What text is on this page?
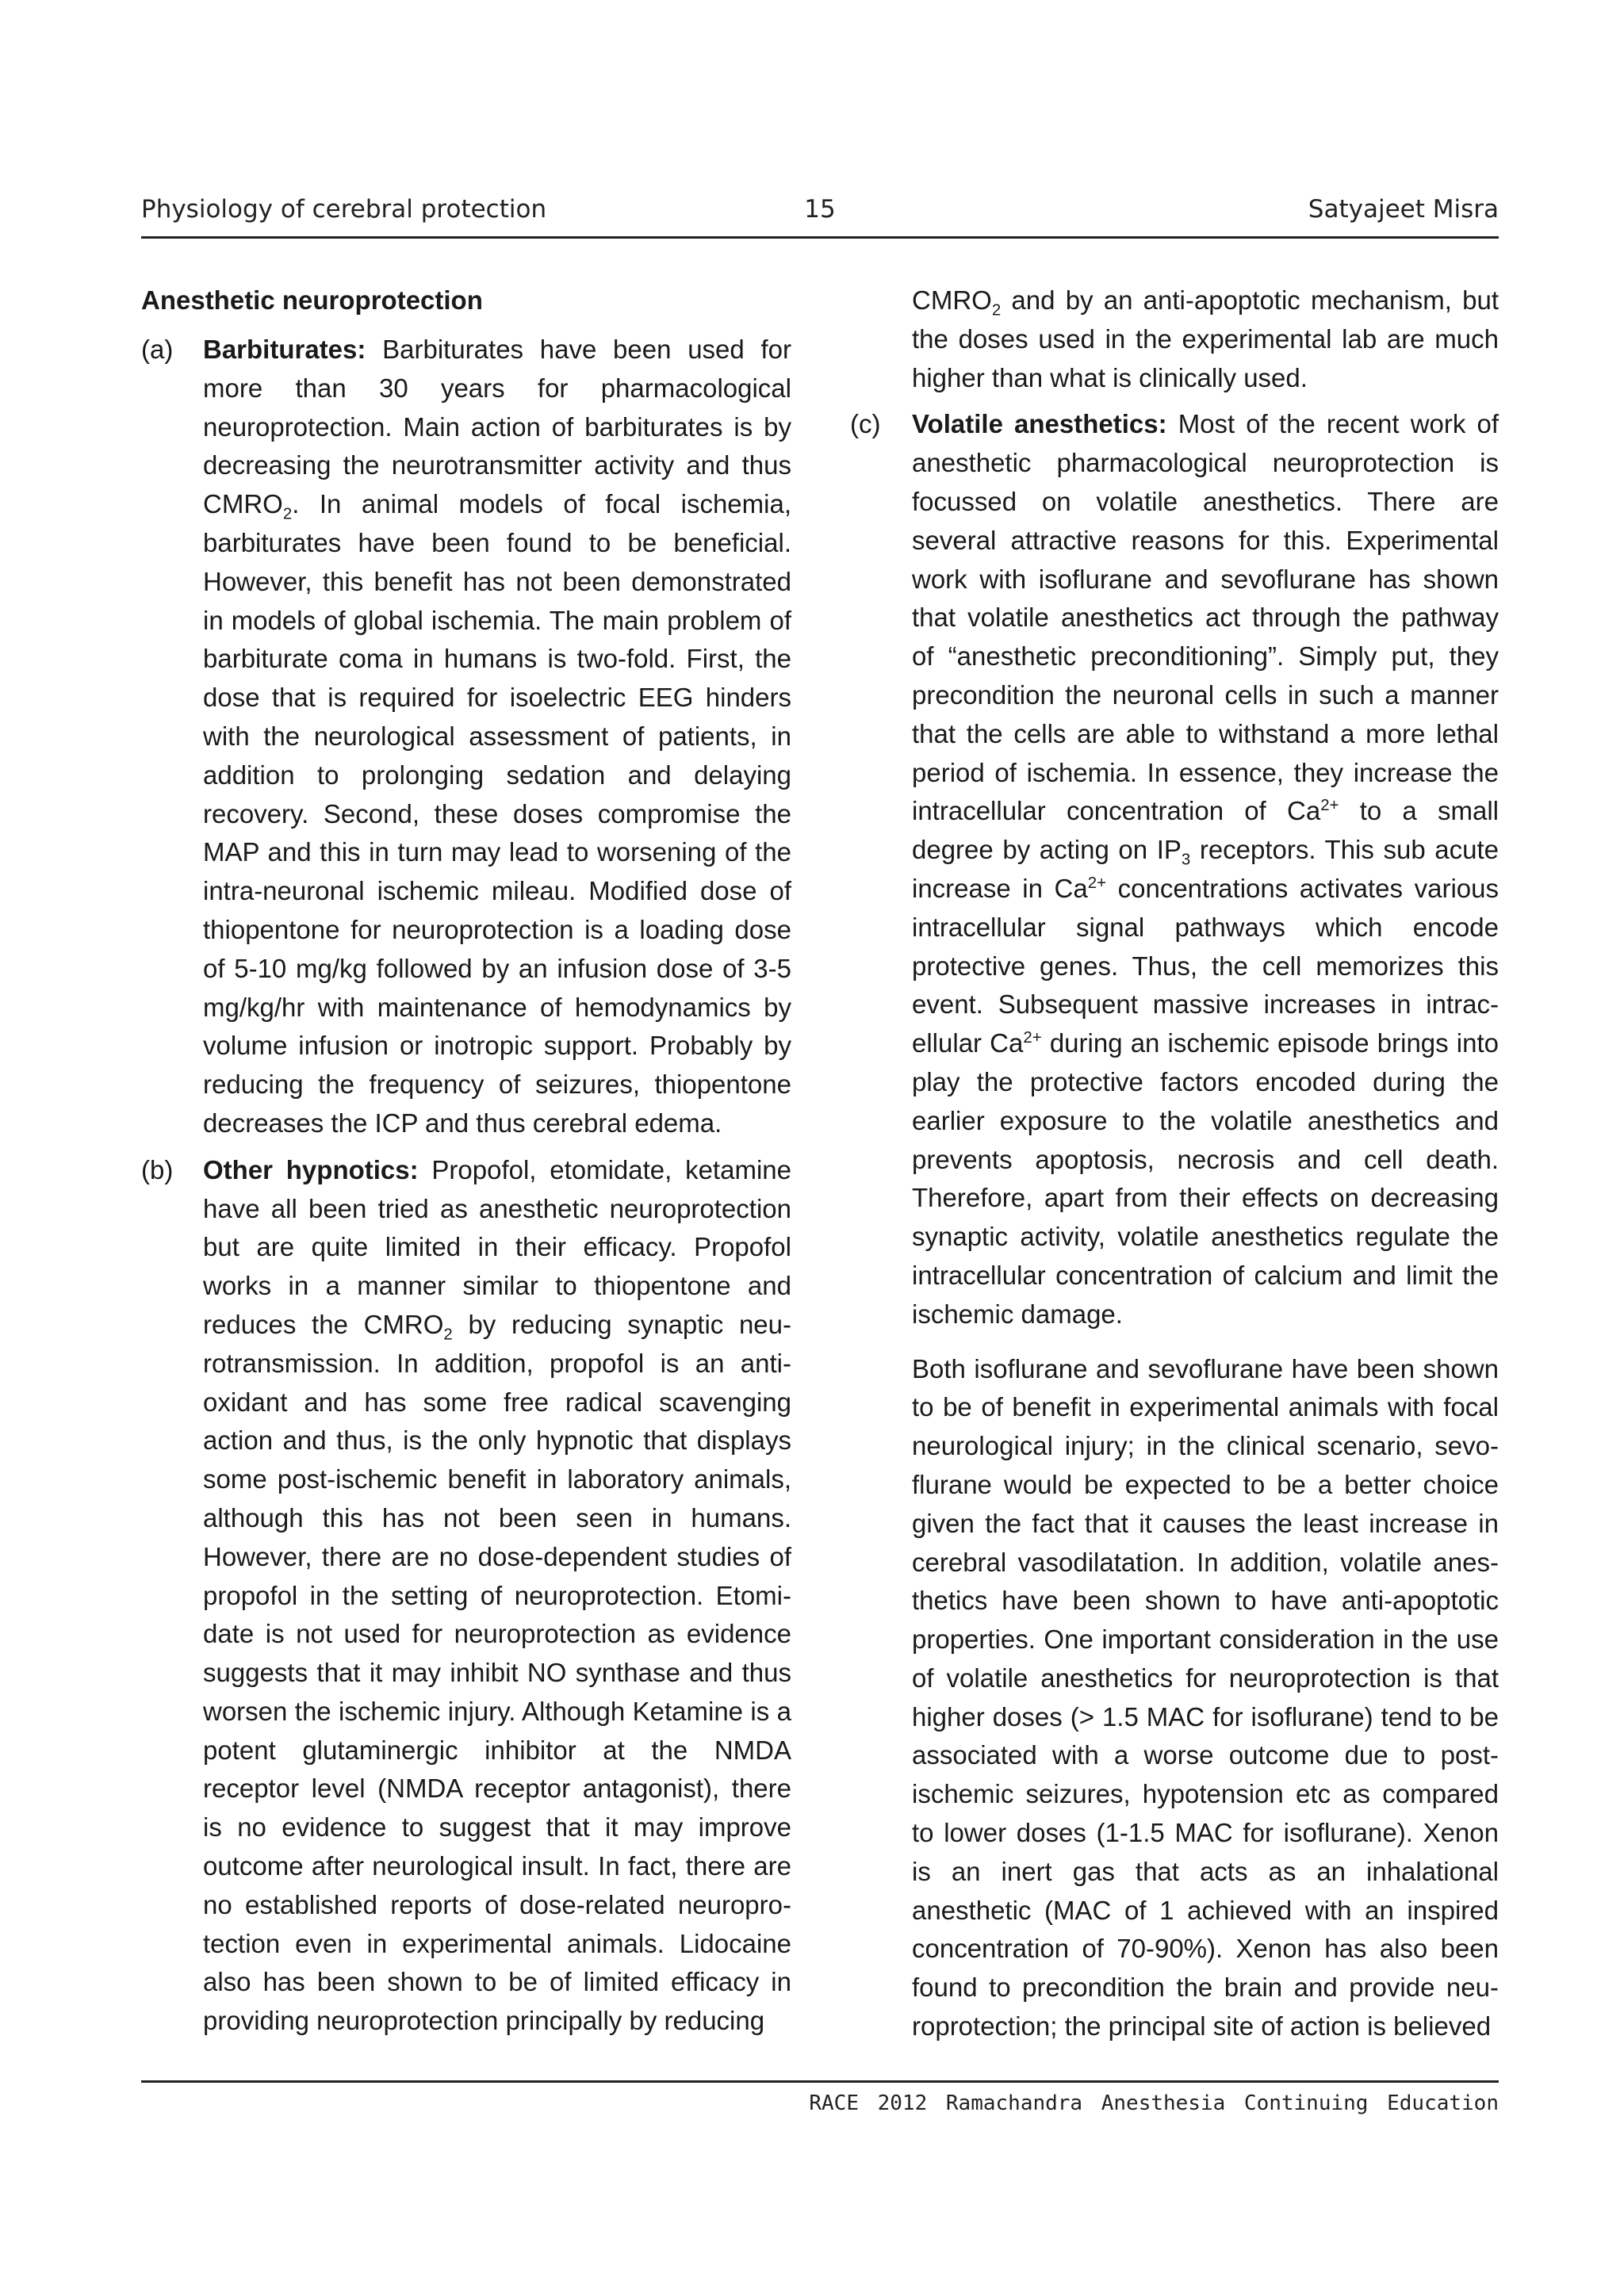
Physiology of cerebral protection	15	Satyajeet Misra
Anesthetic neuroprotection
(a)	Barbiturates: Barbiturates have been used for more than 30 years for pharmacological neuroprotection. Main action of barbiturates is by decreasing the neurotransmitter activity and thus $CMRO_2$. In animal models of focal ischemia, barbiturates have been found to be beneficial. However, this benefit has not been demonstrated in models of global ischemia. The main problem of barbiturate coma in humans is two-fold. First, the dose that is required for isoelectric EEG hinders with the neurological assessment of patients, in addition to prolonging sedation and delaying recovery. Second, these doses compromise the MAP and this in turn may lead to worsening of the intra-neuronal ischemic mileau. Modified dose of thiopentone for neuroprotection is a loading dose of 5-10 mg/kg followed by an infusion dose of 3-5 mg/kg/hr with maintenance of hemodynamics by volume infusion or inotropic support. Probably by reducing the frequency of seizures, thiopentone decreases the ICP and thus cerebral edema.

(b)	Other hypnotics: Propofol, etomidate, ketamine have all been tried as anesthetic neuroprotection but are quite limited in their efficacy. Propofol works in a manner similar to thiopentone and reduces the $CMRO_2$ by reducing synaptic neurotransmission. In addition, propofol is an antioxidant and has some free radical scavenging action and thus, is the only hypnotic that displays some post-ischemic benefit in laboratory animals, although this has not been seen in humans. However, there are no dose-dependent studies of propofol in the setting of neuroprotection. Etomidate is not used for neuroprotection as evidence suggests that it may inhibit NO synthase and thus worsen the ischemic injury. Although Ketamine is a potent glutaminergic inhibitor at the NMDA receptor level (NMDA receptor antagonist), there is no evidence to suggest that it may improve outcome after neurological insult. In fact, there are no established reports of dose-related neuroprotection even in experimental animals. Lidocaine also has been shown to be of limited efficacy in providing neuroprotection principally by reducing

$CMRO_2$ and by an anti-apoptotic mechanism, but the doses used in the experimental lab are much higher than what is clinically used.

(c)	Volatile anesthetics: Most of the recent work of anesthetic pharmacological neuroprotection is focussed on volatile anesthetics. There are several attractive reasons for this. Experimental work with isoflurane and sevoflurane has shown that volatile anesthetics act through the pathway of “anesthetic preconditioning”. Simply put, they precondition the neuronal cells in such a manner that the cells are able to withstand a more lethal period of ischemia. In essence, they increase the intracellular concentration of $Ca^{2+}$ to a small degree by acting on $IP_3$ receptors. This sub acute increase in $Ca^{2+}$ concentrations activates various intracellular signal pathways which encode protective genes. Thus, the cell memorizes this event. Subsequent massive increases in intracellular $Ca^{2+}$ during an ischemic episode brings into play the protective factors encoded during the earlier exposure to the volatile anesthetics and prevents apoptosis, necrosis and cell death. Therefore, apart from their effects on decreasing synaptic activity, volatile anesthetics regulate the intracellular concentration of calcium and limit the ischemic damage.

Both isoflurane and sevoflurane have been shown to be of benefit in experimental animals with focal neurological injury; in the clinical scenario, sevoflurane would be expected to be a better choice given the fact that it causes the least increase in cerebral vasodilatation. In addition, volatile anesthetics have been shown to have anti-apoptotic properties. One important consideration in the use of volatile anesthetics for neuroprotection is that higher doses (> 1.5 MAC for isoflurane) tend to be associated with a worse outcome due to post-ischemic seizures, hypotension etc as compared to lower doses (1-1.5 MAC for isoflurane). Xenon is an inert gas that acts as an inhalational anesthetic (MAC of 1 achieved with an inspired concentration of 70-90%). Xenon has also been found to precondition the brain and provide neuroprotection; the principal site of action is believed

RACE 2012 Ramachandra Anesthesia Continuing Education
